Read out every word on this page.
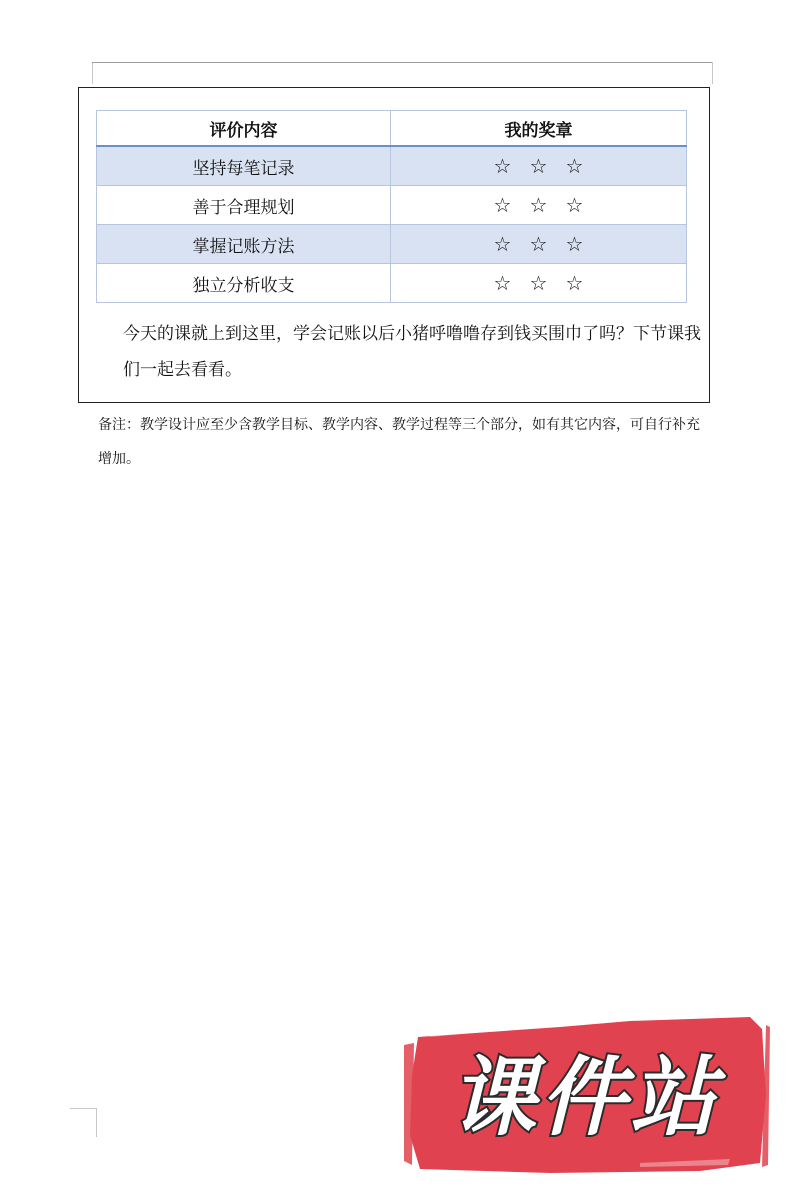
评价内容	我的奖章
坚持每笔记录	☆ ☆ ☆
善于合理规划	☆ ☆ ☆
掌握记账方法	☆ ☆ ☆
独立分析收支	☆ ☆ ☆
今天的课就上到这里，学会记账以后小猪呼噜噜存到钱买围巾了吗？下节课我们一起去看看。
备注：教学设计应至少含教学目标、教学内容、教学过程等三个部分，如有其它内容，可自行补充增加。
课件站
